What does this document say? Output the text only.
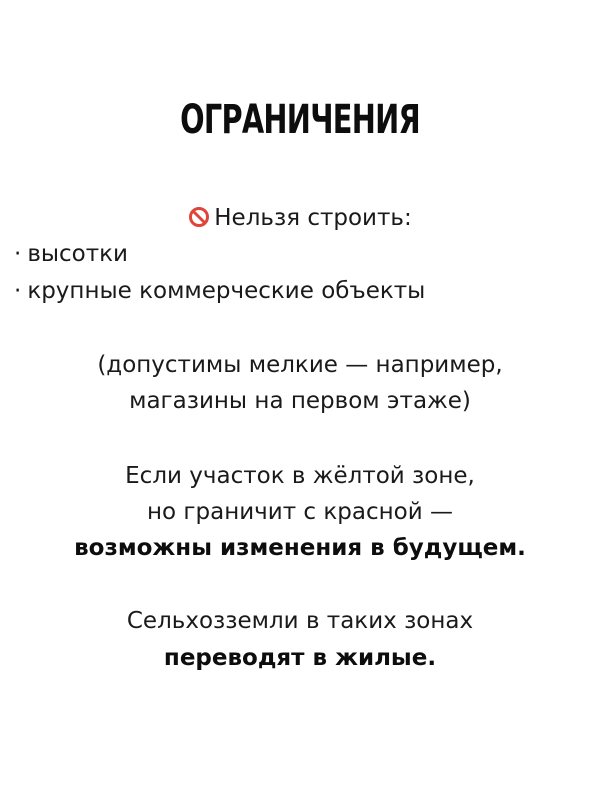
ОГРАНИЧЕНИЯ
Нельзя строить:
· высотки
· крупные коммерческие объекты
(допустимы мелкие — например,
магазины на первом этаже)
Если участок в жёлтой зоне,
но граничит с красной —
возможны изменения в будущем.
Сельхозземли в таких зонах
переводят в жилые.
